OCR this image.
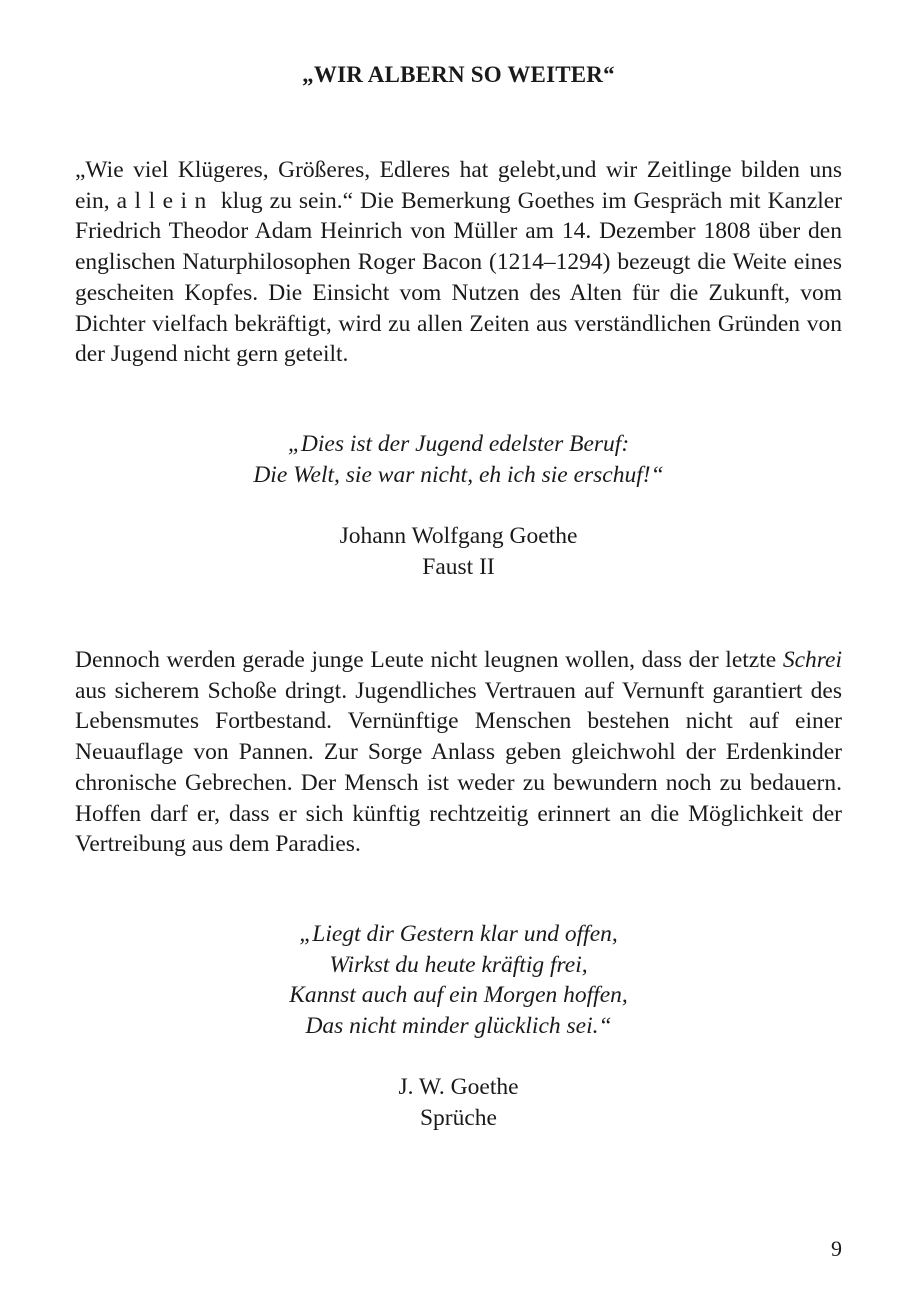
„WIR ALBERN SO WEITER“

„Wie viel Klügeres, Größeres, Edleres hat gelebt,und wir Zeitlinge bilden uns ein, allein klug zu sein.“ Die Bemerkung Goethes im Gespräch mit Kanzler Friedrich Theodor Adam Heinrich von Müller am 14. Dezember 1808 über den englischen Naturphilosophen Roger Bacon (1214–1294) bezeugt die Weite eines gescheiten Kopfes. Die Einsicht vom Nutzen des Alten für die Zukunft, vom Dichter vielfach bekräftigt, wird zu allen Zeiten aus verständlichen Gründen von der Jugend nicht gern geteilt.

„Dies ist der Jugend edelster Beruf:
Die Welt, sie war nicht, eh ich sie erschuf!“
Johann Wolfgang Goethe
Faust II

Dennoch werden gerade junge Leute nicht leugnen wollen, dass der letzte Schrei aus sicherem Schoße dringt. Jugendliches Vertrauen auf Vernunft garantiert des Lebensmutes Fortbestand. Vernünftige Menschen bestehen nicht auf einer Neuauflage von Pannen. Zur Sorge Anlass geben gleichwohl der Erdenkinder chronische Gebrechen. Der Mensch ist weder zu bewundern noch zu bedauern. Hoffen darf er, dass er sich künftig rechtzeitig erinnert an die Möglichkeit der Vertreibung aus dem Paradies.

„Liegt dir Gestern klar und offen,
Wirkst du heute kräftig frei,
Kannst auch auf ein Morgen hoffen,
Das nicht minder glücklich sei.“
J. W. Goethe
Sprüche
9
